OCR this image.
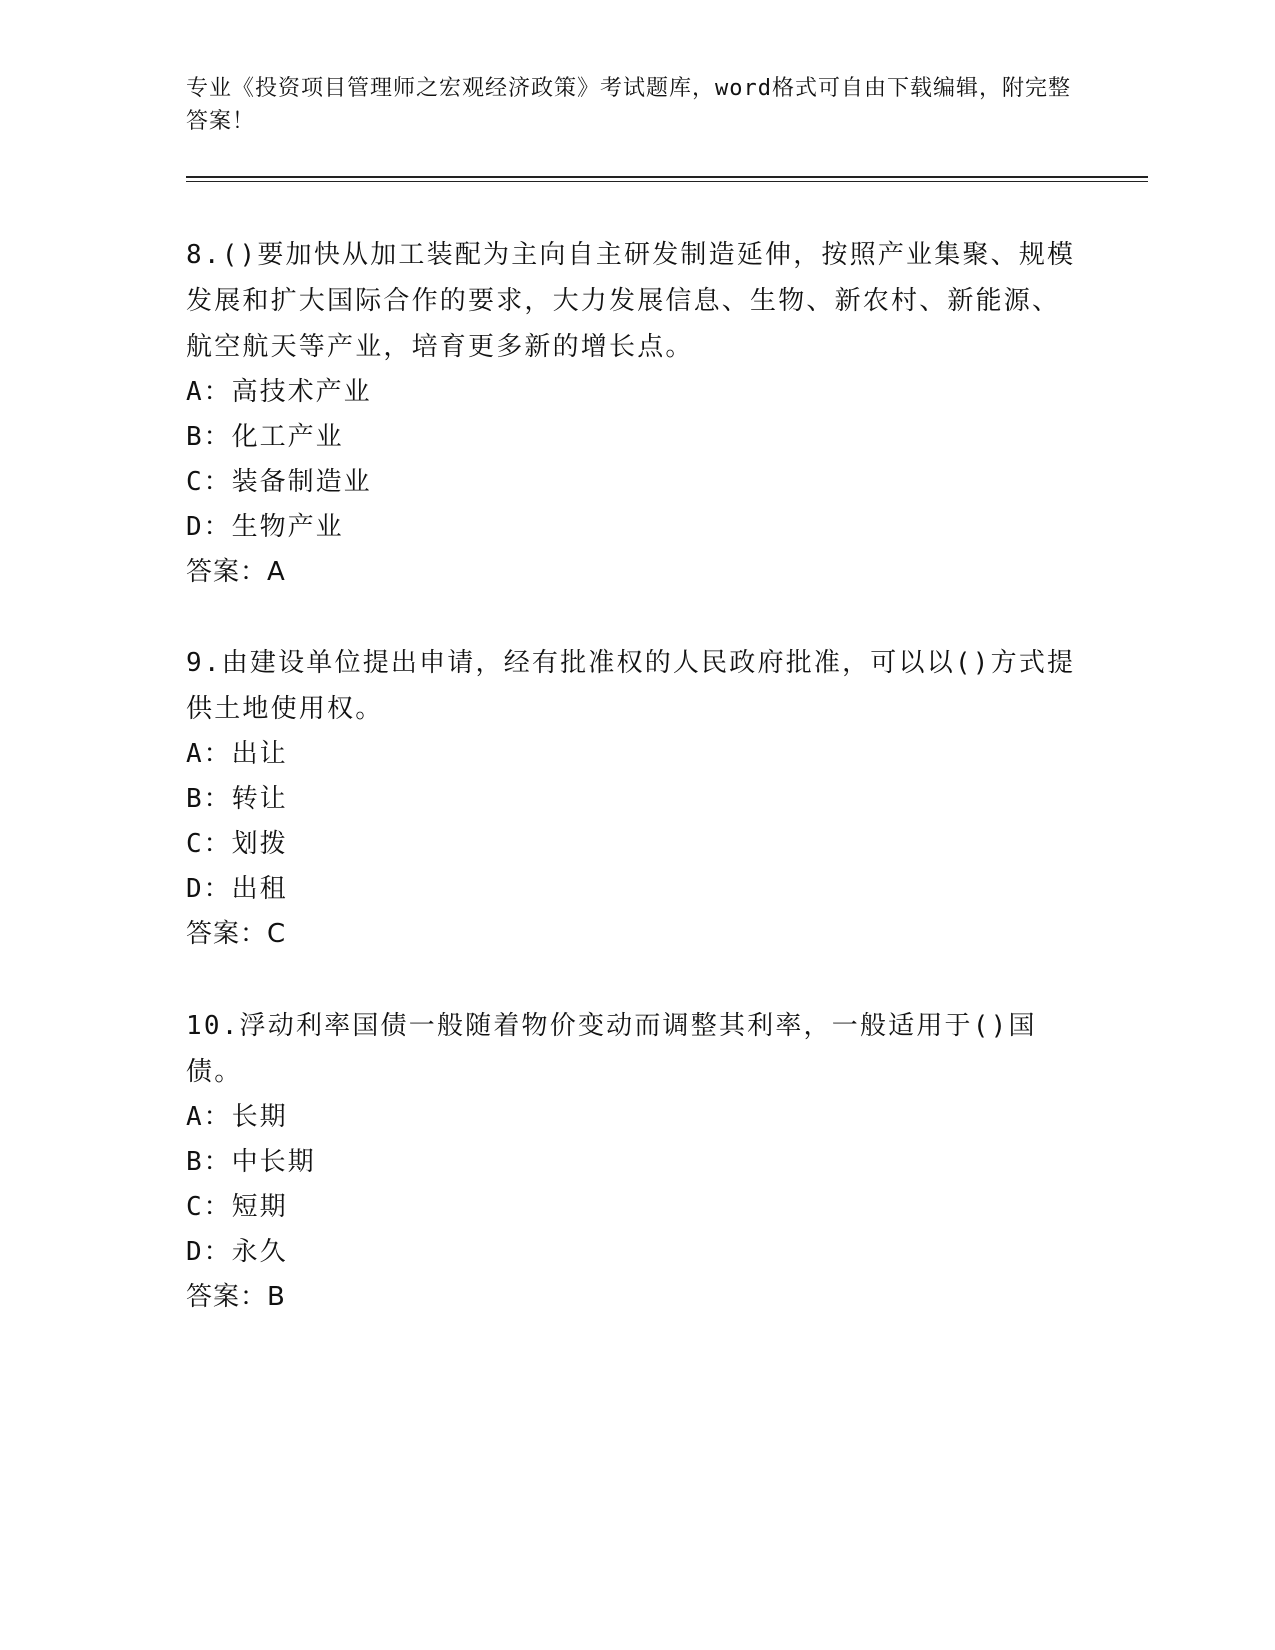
专业《投资项目管理师之宏观经济政策》考试题库，word格式可自由下载编辑，附完整答案！

8.()要加快从加工装配为主向自主研发制造延伸，按照产业集聚、规模发展和扩大国际合作的要求，大力发展信息、生物、新农村、新能源、航空航天等产业，培育更多新的增长点。

A：高技术产业

B：化工产业

C：装备制造业

D：生物产业

答案：A

9.由建设单位提出申请，经有批准权的人民政府批准，可以以()方式提供土地使用权。

A：出让

B：转让

C：划拨

D：出租

答案：C

10.浮动利率国债一般随着物价变动而调整其利率，一般适用于()国债。

A：长期

B：中长期

C：短期

D：永久

答案：B
